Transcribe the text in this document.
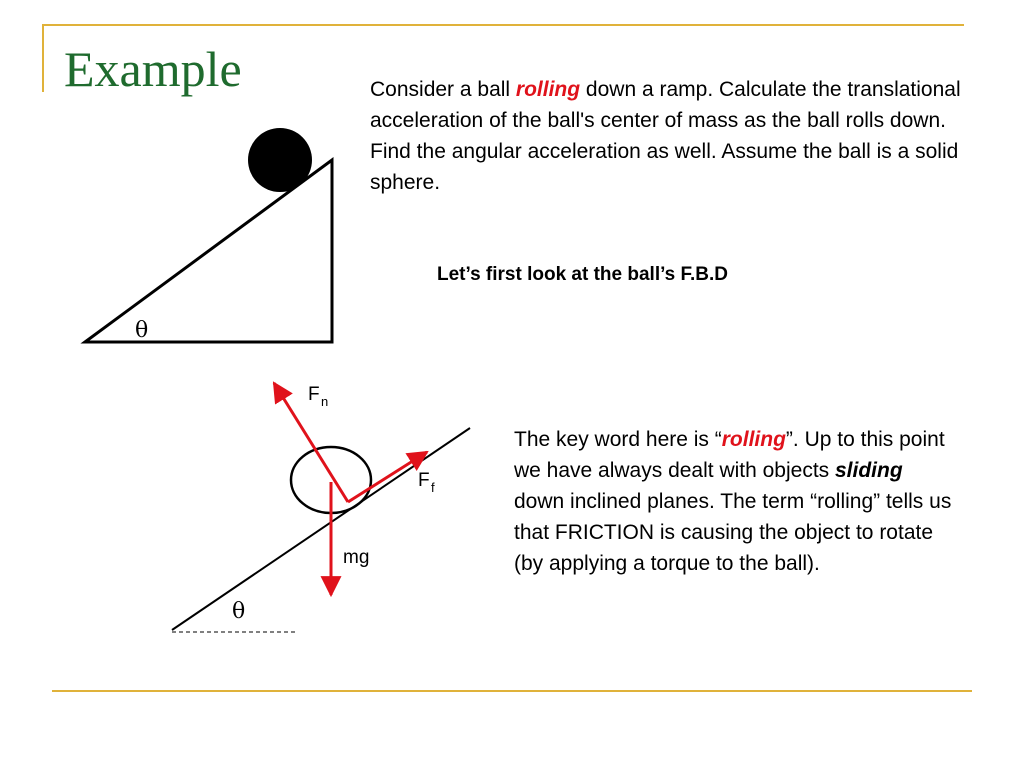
Example	Consider a ball rolling down a ramp. Calculate the translational acceleration of the ball's center of mass as the ball rolls down. Find the angular acceleration as well. Assume the ball is a solid sphere.
Let’s first look at the ball’s F.B.D
The key word here is “rolling”. Up to this point we have always dealt with objects sliding down inclined planes. The term “rolling” tells us that FRICTION is causing the object to rotate (by applying a torque to the ball).
θ
F n
F f
mg
θ
